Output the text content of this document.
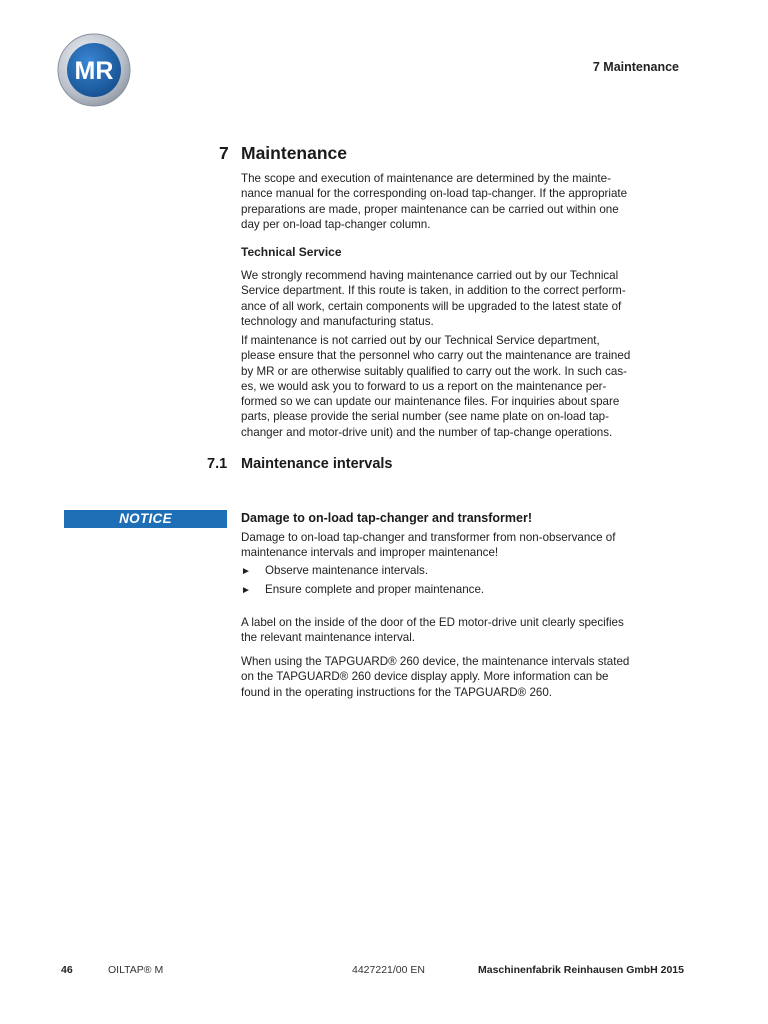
MR	7 Maintenance
7 Maintenance
The scope and execution of maintenance are determined by the mainte-
nance manual for the corresponding on-load tap-changer. If the appropriate
preparations are made, proper maintenance can be carried out within one
day per on-load tap-changer column.
Technical Service
We strongly recommend having maintenance carried out by our Technical
Service department. If this route is taken, in addition to the correct perform-
ance of all work, certain components will be upgraded to the latest state of
technology and manufacturing status.
If maintenance is not carried out by our Technical Service department,
please ensure that the personnel who carry out the maintenance are trained
by MR or are otherwise suitably qualified to carry out the work. In such cas-
es, we would ask you to forward to us a report on the maintenance per-
formed so we can update our maintenance files. For inquiries about spare
parts, please provide the serial number (see name plate on on-load tap-
changer and motor-drive unit) and the number of tap-change operations.
7.1 Maintenance intervals
NOTICE	Damage to on-load tap-changer and transformer!
Damage to on-load tap-changer and transformer from non-observance of
maintenance intervals and improper maintenance!
► Observe maintenance intervals.
► Ensure complete and proper maintenance.
A label on the inside of the door of the ED motor-drive unit clearly specifies
the relevant maintenance interval.
When using the TAPGUARD® 260 device, the maintenance intervals stated
on the TAPGUARD® 260 device display apply. More information can be
found in the operating instructions for the TAPGUARD® 260.
46	OILTAP® M	4427221/00 EN	Maschinenfabrik Reinhausen GmbH 2015
